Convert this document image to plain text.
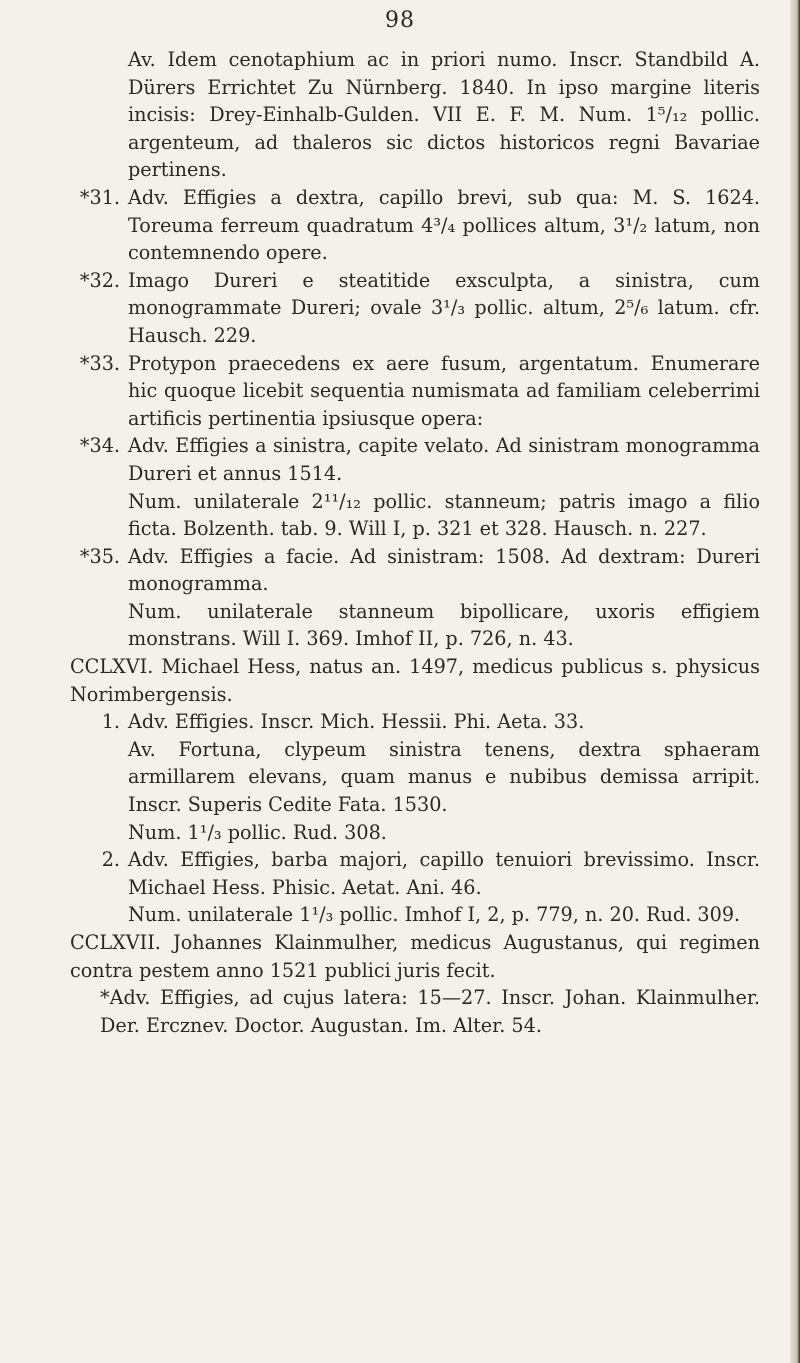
98
Av. Idem cenotaphium ac in priori numo. Inscr. Standbild A. Dürers Errichtet Zu Nürnberg. 1840. In ipso margine literis incisis: Drey-Einhalb-Gulden. VII E. F. M. Num. 1⁵/₁₂ pollic. argenteum, ad thaleros sic dictos historicos regni Bavariae pertinens.
*31. Adv. Effigies a dextra, capillo brevi, sub qua: M. S. 1624. Toreuma ferreum quadratum 4³/₄ pollices altum, 3¹/₂ latum, non contemnendo opere.
*32. Imago Dureri e steatitide exsculpta, a sinistra, cum monogrammate Dureri; ovale 3¹/₃ pollic. altum, 2⁵/₆ latum. cfr. Hausch. 229.
*33. Protypon praecedens ex aere fusum, argentatum. Enumerare hic quoque licebit sequentia numismata ad familiam celeberrimi artificis pertinentia ipsiusque opera:
*34. Adv. Effigies a sinistra, capite velato. Ad sinistram monogramma Dureri et annus 1514.
Num. unilaterale 2¹¹/₁₂ pollic. stanneum; patris imago a filio ficta. Bolzenth. tab. 9. Will I, p. 321 et 328. Hausch. n. 227.
*35. Adv. Effigies a facie. Ad sinistram: 1508. Ad dextram: Dureri monogramma.
Num. unilaterale stanneum bipollicare, uxoris effigiem monstrans. Will I. 369. Imhof II, p. 726, n. 43.
CCLXVI. Michael Hess, natus an. 1497, medicus publicus s. physicus Norimbergensis.
1. Adv. Effigies. Inscr. Mich. Hessii. Phi. Aeta. 33.
Av. Fortuna, clypeum sinistra tenens, dextra sphaeram armillarem elevans, quam manus e nubibus demissa arripit. Inscr. Superis Cedite Fata. 1530.
Num. 1¹/₃ pollic. Rud. 308.
2. Adv. Effigies, barba majori, capillo tenuiori brevissimo. Inscr. Michael Hess. Phisic. Aetat. Ani. 46.
Num. unilaterale 1¹/₃ pollic. Imhof I, 2, p. 779, n. 20. Rud. 309.
CCLXVII. Johannes Klainmulher, medicus Augustanus, qui regimen contra pestem anno 1521 publici juris fecit.
*Adv. Effigies, ad cujus latera: 15—27. Inscr. Johan. Klainmulher. Der. Ercznev. Doctor. Augustan. Im. Alter. 54.
